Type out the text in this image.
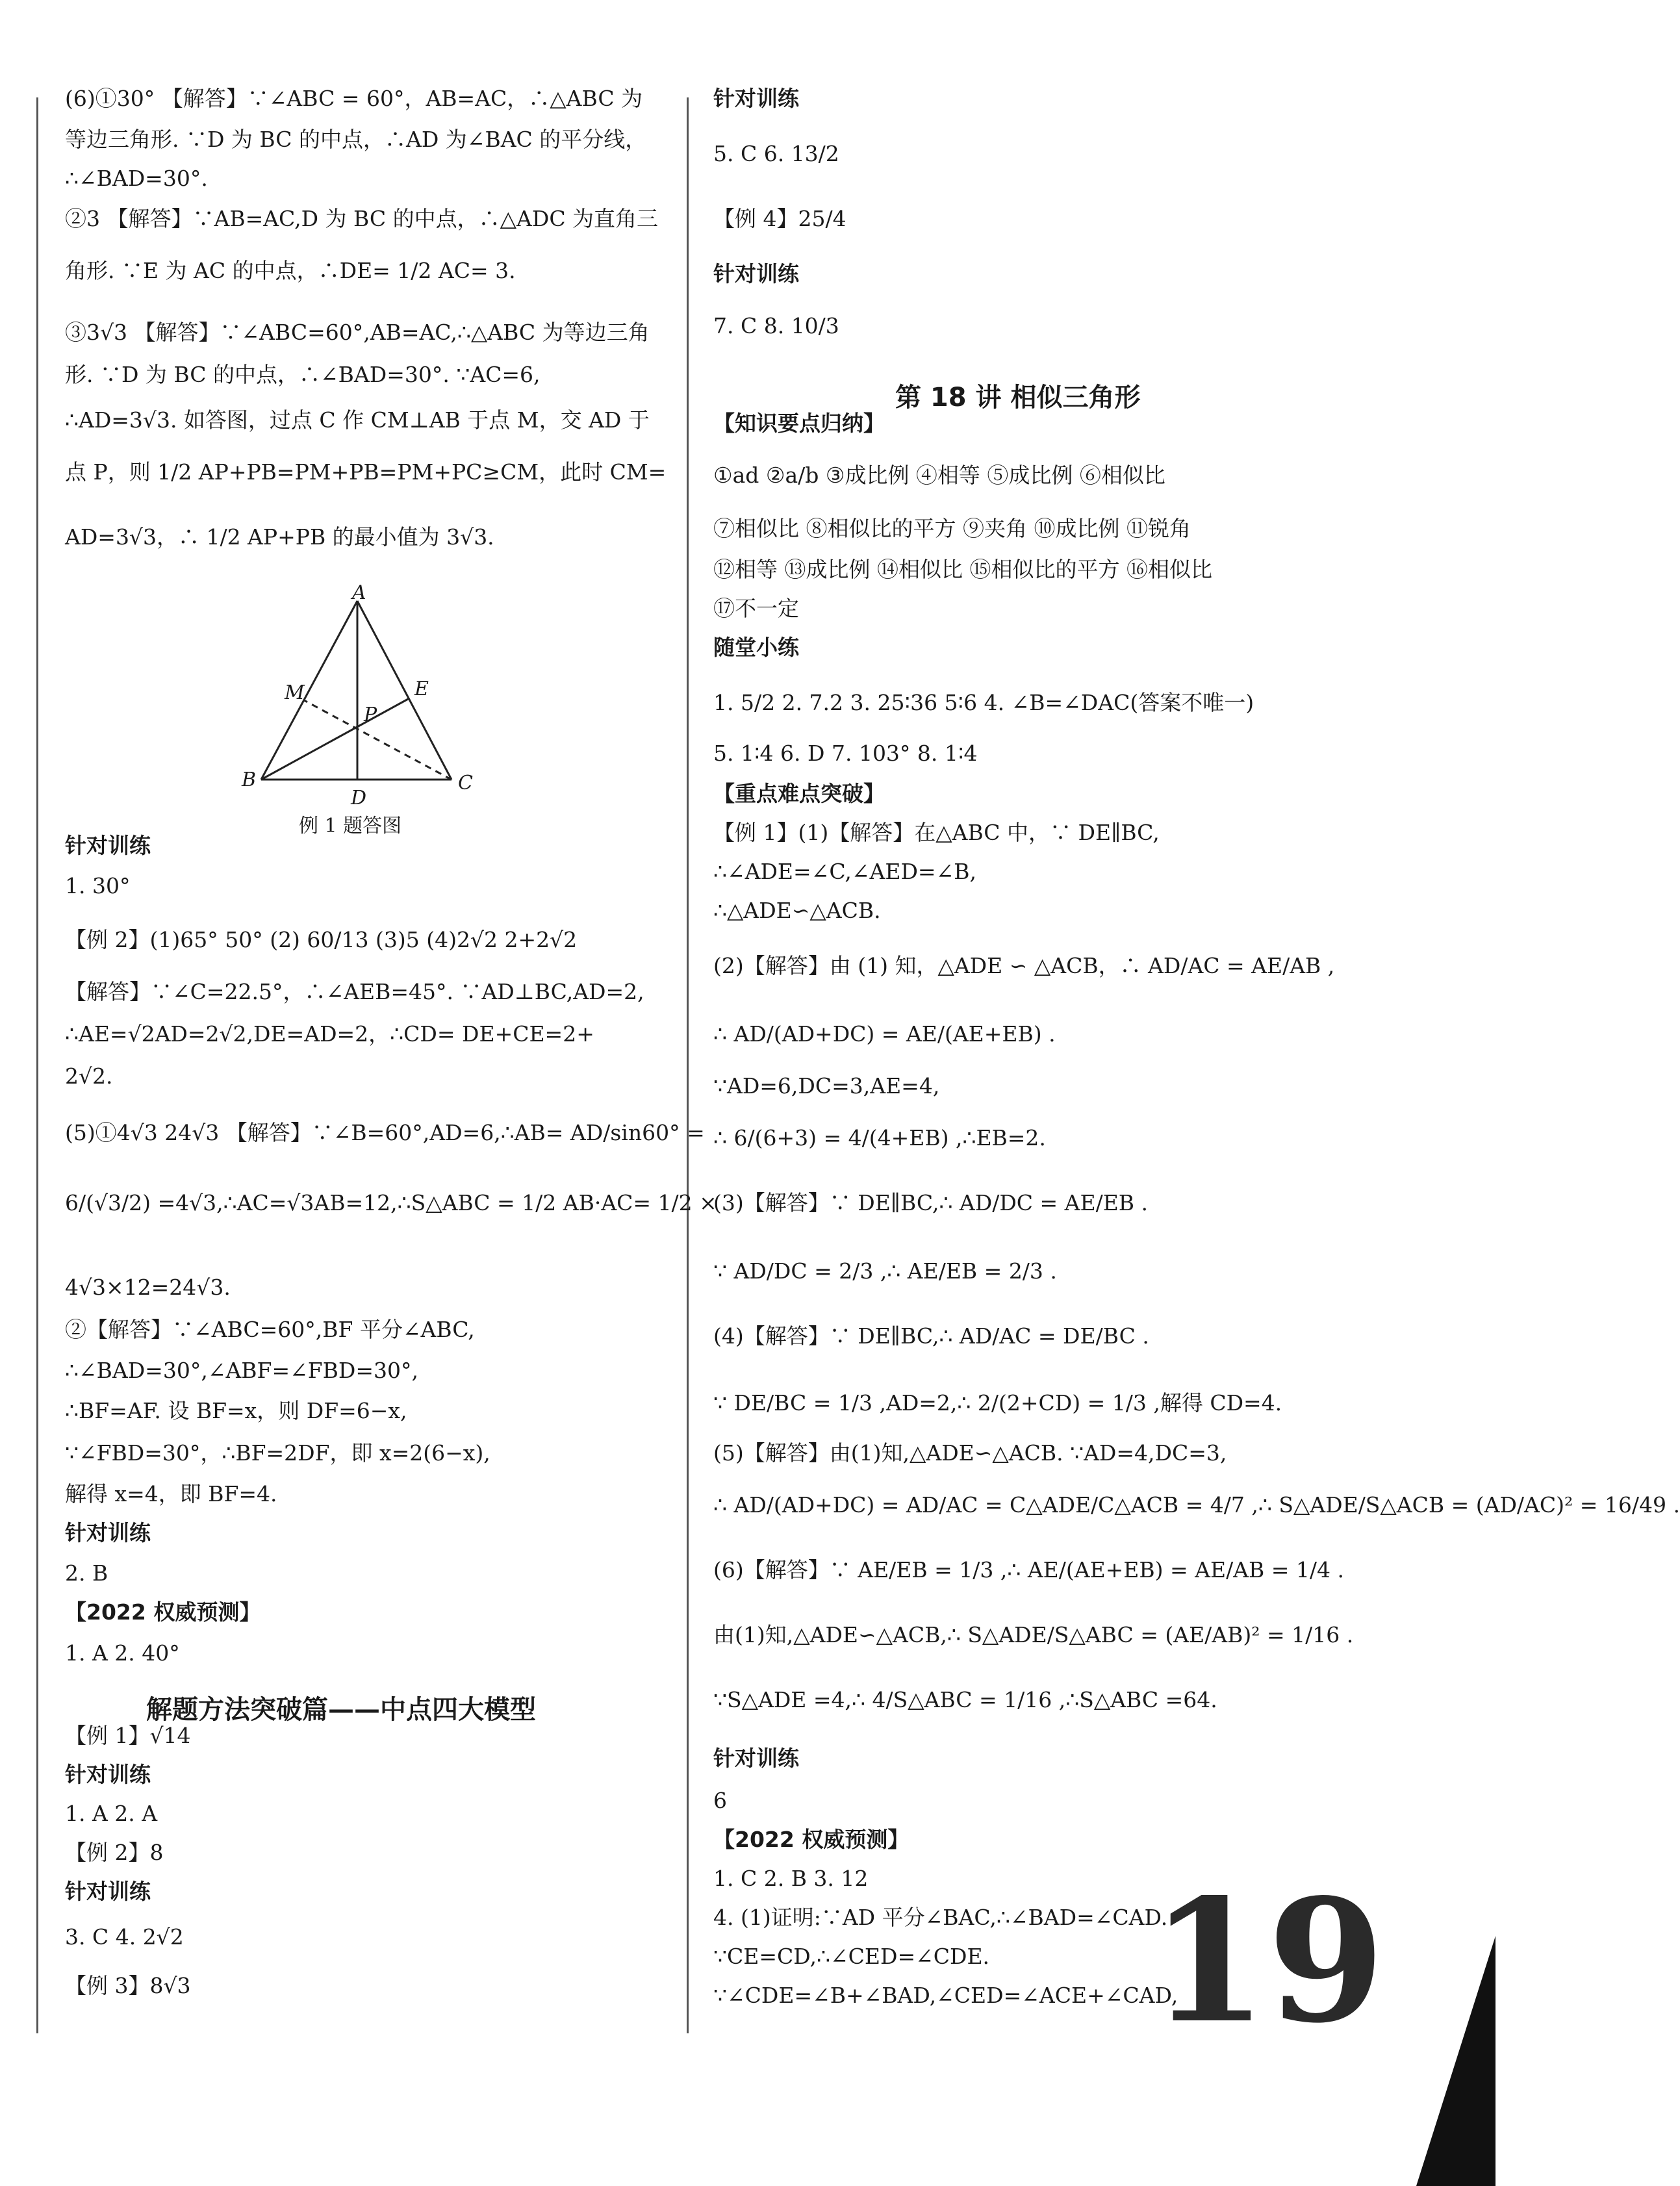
(6)①30° 【解答】∵∠ABC = 60°，AB=AC，∴△ABC 为
等边三角形. ∵D 为 BC 的中点，∴AD 为∠BAC 的平分线，
∴∠BAD=30°.
②3 【解答】∵AB=AC,D 为 BC 的中点，∴△ADC 为直角三
角形. ∵E 为 AC 的中点，∴DE= 1/2 AC= 3.
③3√3 【解答】∵∠ABC=60°,AB=AC,∴△ABC 为等边三角
形. ∵D 为 BC 的中点，∴∠BAD=30°. ∵AC=6,
∴AD=3√3. 如答图，过点 C 作 CM⊥AB 于点 M，交 AD 于
点 P，则 1/2 AP+PB=PM+PB=PM+PC≥CM，此时 CM=
AD=3√3，∴ 1/2 AP+PB 的最小值为 3√3.
针对训练
1. 30°
【例 2】(1)65° 50° (2) 60/13 (3)5 (4)2√2 2+2√2
【解答】∵∠C=22.5°，∴∠AEB=45°. ∵AD⊥BC,AD=2,
∴AE=√2AD=2√2,DE=AD=2，∴CD= DE+CE=2+
2√2.
(5)①4√3 24√3 【解答】∵∠B=60°,AD=6,∴AB= AD/sin60° =
6/(√3/2) =4√3,∴AC=√3AB=12,∴S△ABC = 1/2 AB·AC= 1/2 ×
4√3×12=24√3.
②【解答】∵∠ABC=60°,BF 平分∠ABC,
∴∠BAD=30°,∠ABF=∠FBD=30°,
∴BF=AF. 设 BF=x，则 DF=6−x,
∵∠FBD=30°，∴BF=2DF，即 x=2(6−x),
解得 x=4，即 BF=4.
针对训练
2. B
【2022 权威预测】
1. A 2. 40°
【例 1】√14
针对训练
1. A 2. A
【例 2】8
针对训练
3. C 4. 2√2
【例 3】8√3
A
B	C
D
E
M
P
例 1 题答图
解题方法突破篇——中点四大模型
针对训练
5. C 6. 13/2
【例 4】25/4
针对训练
7. C 8. 10/3
【知识要点归纳】
①ad ②a/b ③成比例 ④相等 ⑤成比例 ⑥相似比
⑦相似比 ⑧相似比的平方 ⑨夹角 ⑩成比例 ⑪锐角
⑫相等 ⑬成比例 ⑭相似比 ⑮相似比的平方 ⑯相似比
⑰不一定
随堂小练
1. 5/2 2. 7.2 3. 25∶36 5∶6 4. ∠B=∠DAC(答案不唯一)
5. 1∶4 6. D 7. 103° 8. 1∶4
【重点难点突破】
【例 1】(1)【解答】在△ABC 中，∵ DE∥BC,
∴∠ADE=∠C,∠AED=∠B,
∴△ADE∽△ACB.
(2)【解答】由 (1) 知，△ADE ∽ △ACB，∴ AD/AC = AE/AB ,
∴ AD/(AD+DC) = AE/(AE+EB) .
∵AD=6,DC=3,AE=4,
∴ 6/(6+3) = 4/(4+EB) ,∴EB=2.
(3)【解答】∵ DE∥BC,∴ AD/DC = AE/EB .
∵ AD/DC = 2/3 ,∴ AE/EB = 2/3 .
(4)【解答】∵ DE∥BC,∴ AD/AC = DE/BC .
∵ DE/BC = 1/3 ,AD=2,∴ 2/(2+CD) = 1/3 ,解得 CD=4.
(5)【解答】由(1)知,△ADE∽△ACB. ∵AD=4,DC=3,
∴ AD/(AD+DC) = AD/AC = C△ADE/C△ACB = 4/7 ,∴ S△ADE/S△ACB = (AD/AC)² = 16/49 .
(6)【解答】∵ AE/EB = 1/3 ,∴ AE/(AE+EB) = AE/AB = 1/4 .
由(1)知,△ADE∽△ACB,∴ S△ADE/S△ABC = (AE/AB)² = 1/16 .
∵S△ADE =4,∴ 4/S△ABC = 1/16 ,∴S△ABC =64.
针对训练
6
【2022 权威预测】
1. C 2. B 3. 12
4. (1)证明:∵AD 平分∠BAC,∴∠BAD=∠CAD.
∵CE=CD,∴∠CED=∠CDE.
∵∠CDE=∠B+∠BAD,∠CED=∠ACE+∠CAD,
第 18 讲 相似三角形
19
